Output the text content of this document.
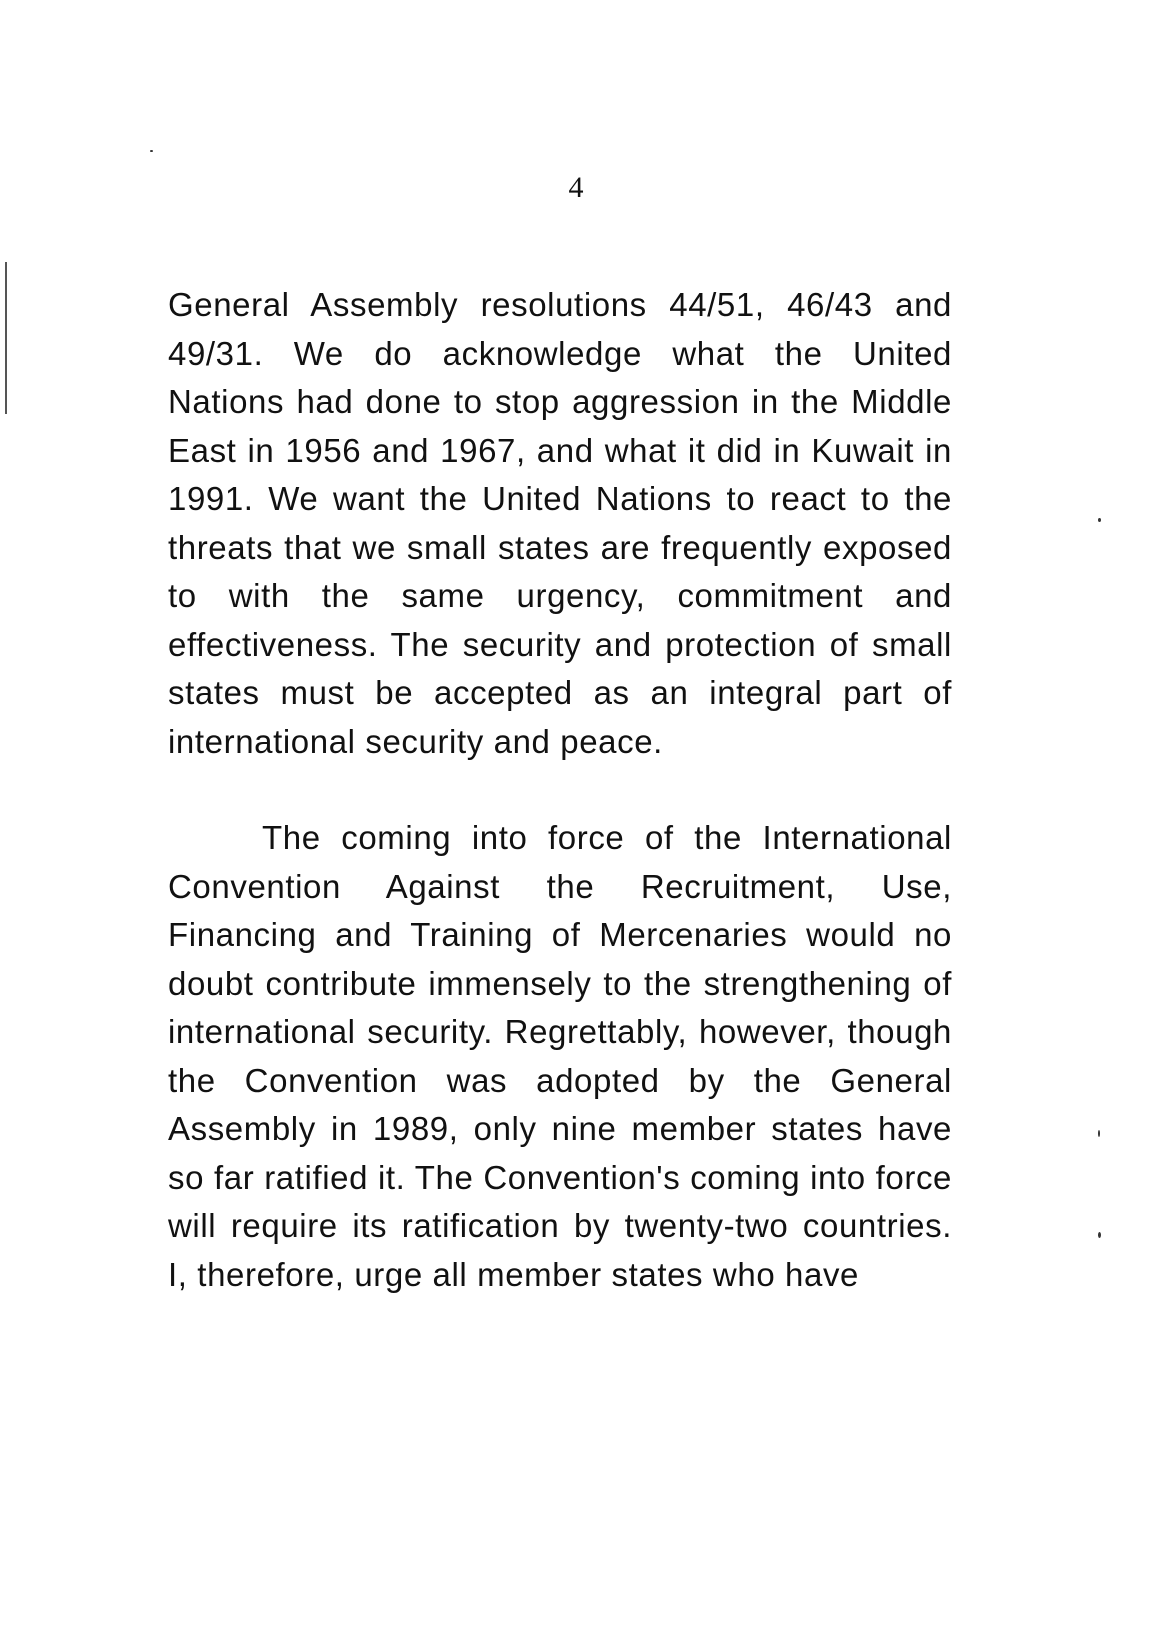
4

General Assembly resolutions 44/51, 46/43 and 49/31. We do acknowledge what the United Nations had done to stop aggression in the Middle East in 1956 and 1967, and what it did in Kuwait in 1991. We want the United Nations to react to the threats that we small states are frequently exposed to with the same urgency, commitment and effectiveness. The security and protection of small states must be accepted as an integral part of international security and peace.

The coming into force of the International Convention Against the Recruitment, Use, Financing and Training of Mercenaries would no doubt contribute immensely to the strengthening of international security. Regrettably, however, though the Convention was adopted by the General Assembly in 1989, only nine member states have so far ratified it. The Convention's coming into force will require its ratification by twenty-two countries. I, therefore, urge all member states who have
